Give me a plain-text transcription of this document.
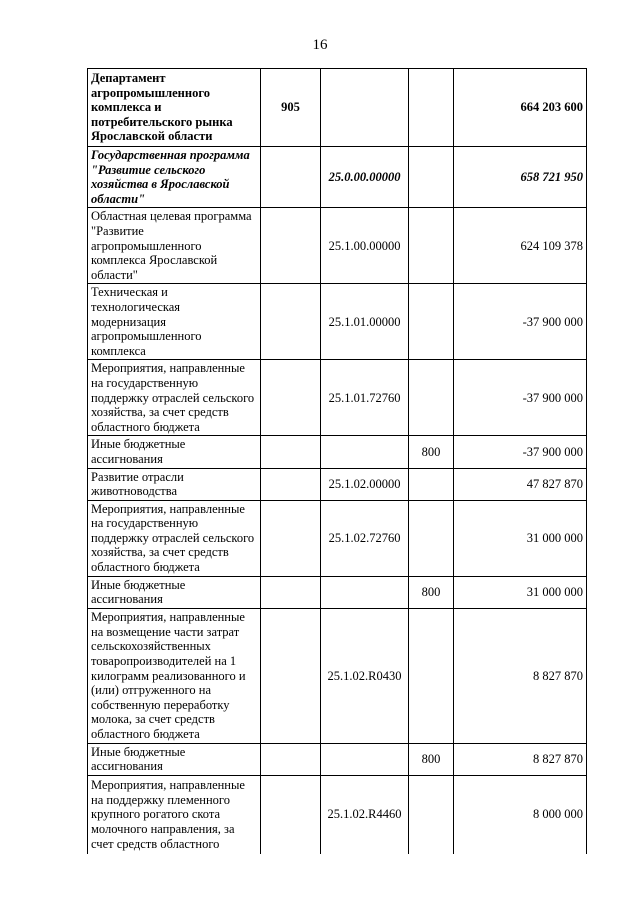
16
Департамент агропромышленного комплекса и потребительского рынка Ярославской области	905			664 203 600
Государственная программа "Развитие сельского хозяйства в Ярославской области"		25.0.00.00000		658 721 950
Областная целевая программа "Развитие агропромышленного комплекса Ярославской области"		25.1.00.00000		624 109 378
Техническая и технологическая модернизация агропромышленного комплекса		25.1.01.00000		-37 900 000
Мероприятия, направленные на государственную поддержку отраслей сельского хозяйства, за счет средств областного бюджета		25.1.01.72760		-37 900 000
Иные бюджетные ассигнования			800	-37 900 000
Развитие отрасли животноводства		25.1.02.00000		47 827 870
Мероприятия, направленные на государственную поддержку отраслей сельского хозяйства, за счет средств областного бюджета		25.1.02.72760		31 000 000
Иные бюджетные ассигнования			800	31 000 000
Мероприятия, направленные на возмещение части затрат сельскохозяйственных товаропроизводителей на 1 килограмм реализованного и (или) отгруженного на собственную переработку молока, за счет средств областного бюджета		25.1.02.R0430		8 827 870
Иные бюджетные ассигнования			800	8 827 870
Мероприятия, направленные на поддержку племенного крупного рогатого скота молочного направления, за счет средств областного		25.1.02.R4460		8 000 000
